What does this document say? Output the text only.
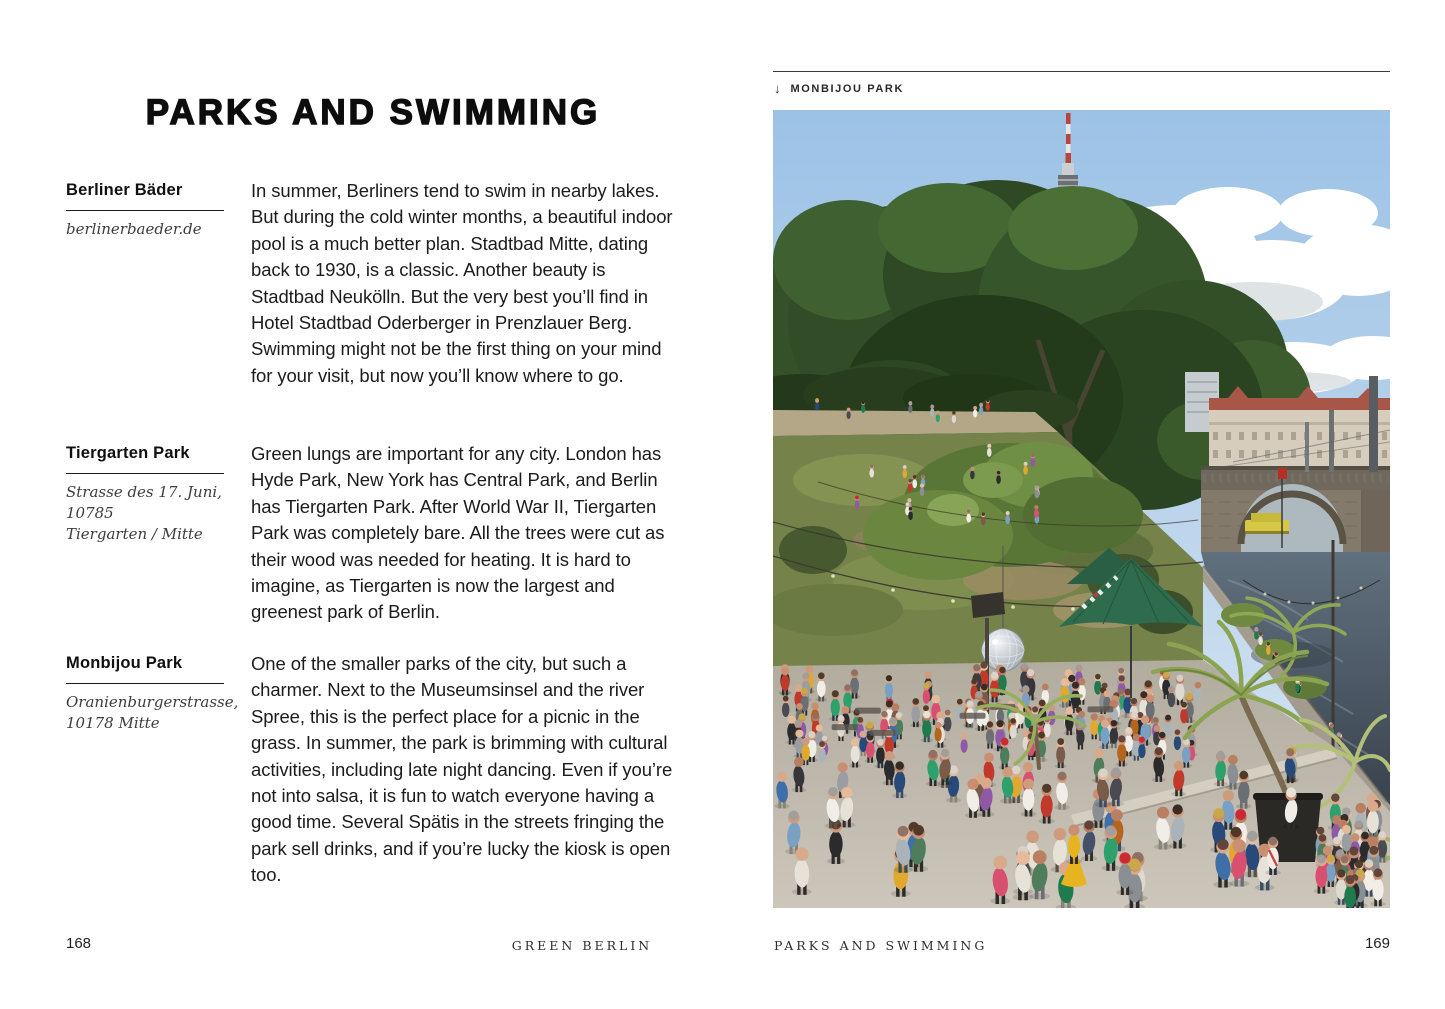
PARKS AND SWIMMING
Berliner Bäder
berlinerbaeder.de
In summer, Berliners tend to swim in nearby lakes. But during the cold winter months, a beautiful indoor pool is a much better plan. Stadtbad Mitte, dating back to 1930, is a classic. Another beauty is Stadtbad Neukölln. But the very best you’ll find in Hotel Stadtbad Oderberger in Prenzlauer Berg. Swimming might not be the first thing on your mind for your visit, but now you’ll know where to go.
Tiergarten Park
Strasse des 17. Juni, 10785
Tiergarten / Mitte
Green lungs are important for any city. London has Hyde Park, New York has Central Park, and Berlin has Tiergarten Park. After World War II, Tiergarten Park was completely bare. All the trees were cut as their wood was needed for heating. It is hard to imagine, as Tiergarten is now the largest and greenest park of Berlin.
Monbijou Park
Oranienburgerstrasse,
10178 Mitte
One of the smaller parks of the city, but such a charmer. Next to the Museumsinsel and the river Spree, this is the perfect place for a picnic in the grass. In summer, the park is brimming with cultural activities, including late night dancing. Even if you’re not into salsa, it is fun to watch everyone having a good time. Several Spätis in the streets fringing the park sell drinks, and if you’re lucky the kiosk is open too.
168	GREEN BERLIN
↓ MONBIJOU PARK
PARKS AND SWIMMING	169
